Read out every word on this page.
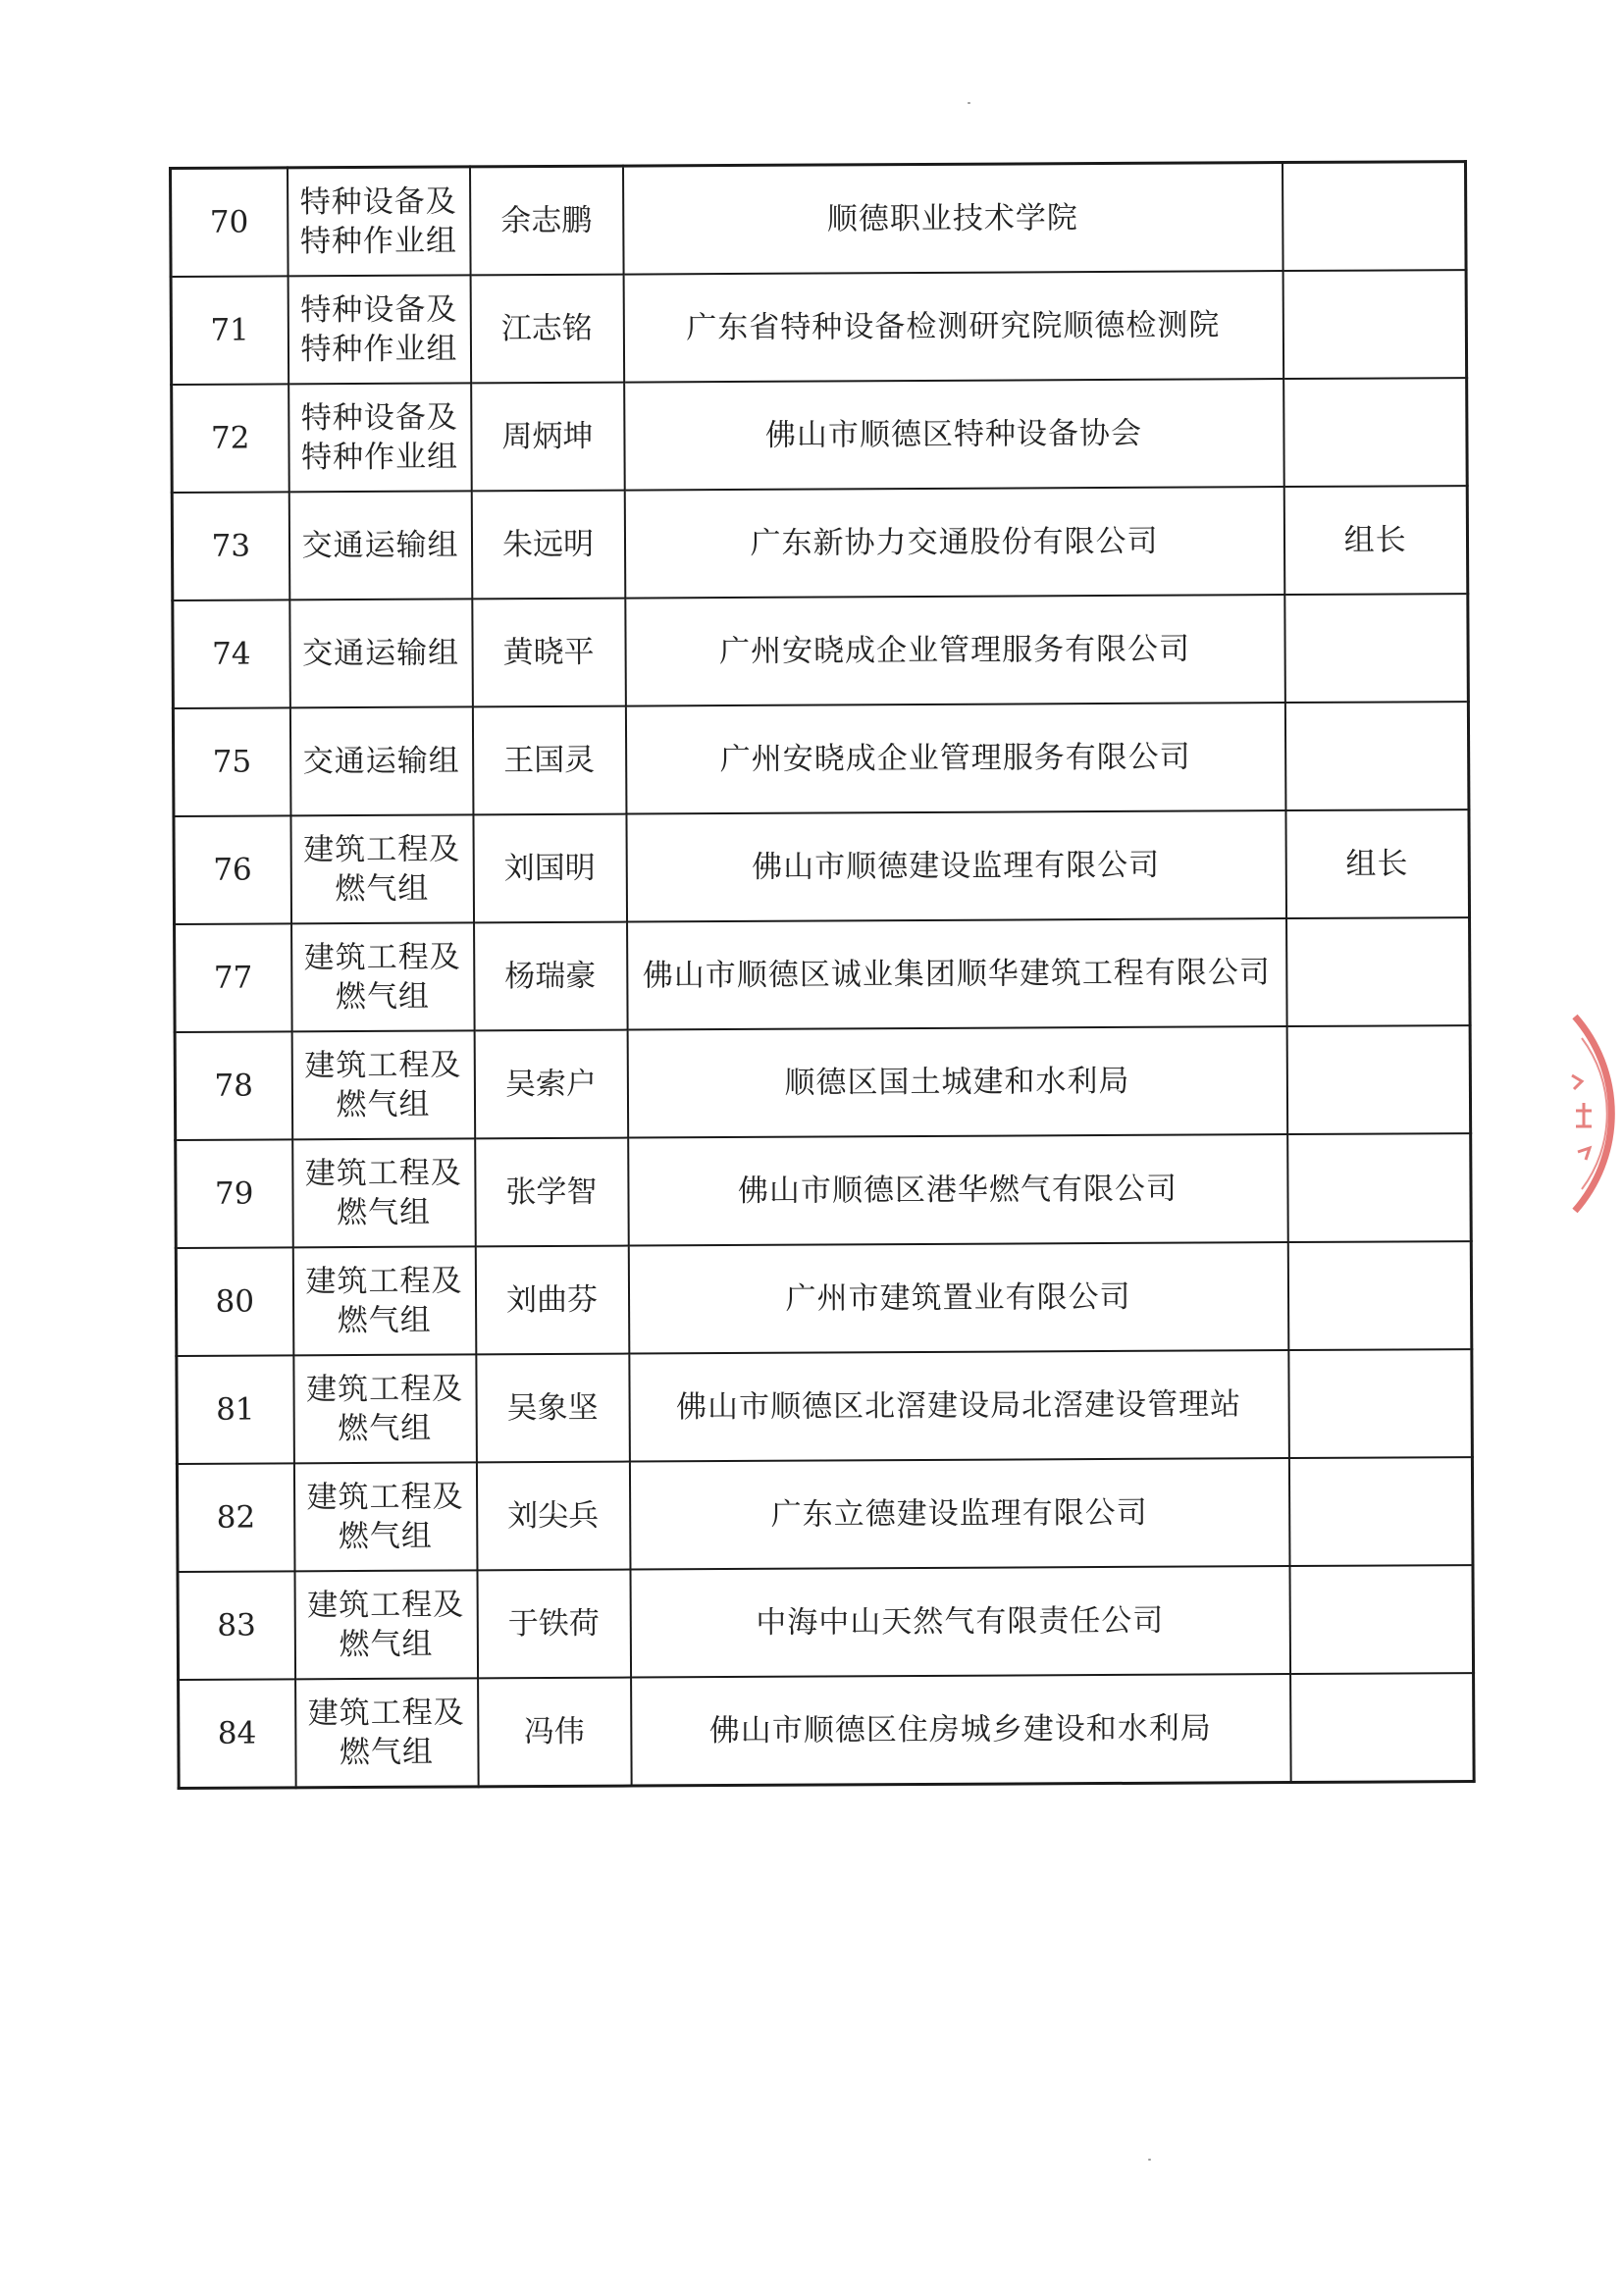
70	特种设备及特种作业组	余志鹏	顺德职业技术学院	
71	特种设备及特种作业组	江志铭	广东省特种设备检测研究院顺德检测院	
72	特种设备及特种作业组	周炳坤	佛山市顺德区特种设备协会	
73	交通运输组	朱远明	广东新协力交通股份有限公司	组长
74	交通运输组	黄晓平	广州安晓成企业管理服务有限公司	
75	交通运输组	王国灵	广州安晓成企业管理服务有限公司	
76	建筑工程及燃气组	刘国明	佛山市顺德建设监理有限公司	组长
77	建筑工程及燃气组	杨瑞豪	佛山市顺德区诚业集团顺华建筑工程有限公司	
78	建筑工程及燃气组	吴索户	顺德区国土城建和水利局	
79	建筑工程及燃气组	张学智	佛山市顺德区港华燃气有限公司	
80	建筑工程及燃气组	刘曲芬	广州市建筑置业有限公司	
81	建筑工程及燃气组	吴象坚	佛山市顺德区北滘建设局北滘建设管理站	
82	建筑工程及燃气组	刘尖兵	广东立德建设监理有限公司	
83	建筑工程及燃气组	于铁荷	中海中山天然气有限责任公司	
84	建筑工程及燃气组	冯伟	佛山市顺德区住房城乡建设和水利局	
